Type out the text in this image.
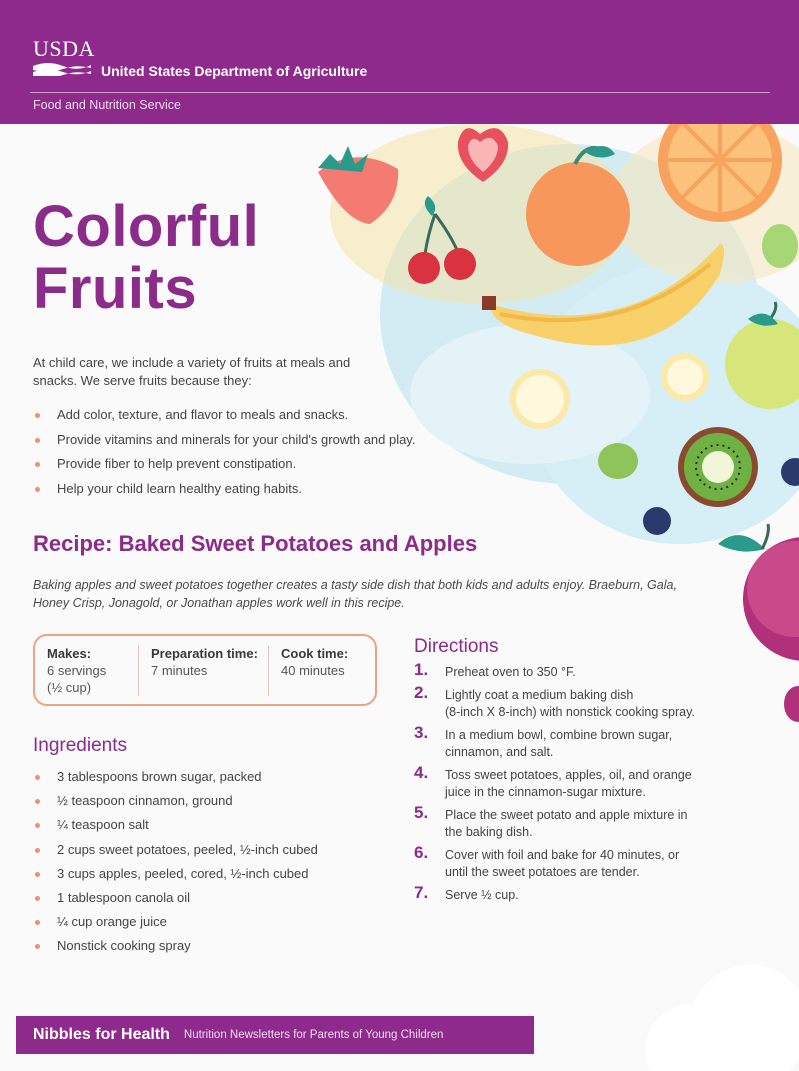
USDA
United States Department of Agriculture
Food and Nutrition Service
Colorful
Fruits

At child care, we include a variety of fruits at meals and snacks. We serve fruits because they:

Add color, texture, and flavor to meals and snacks.
Provide vitamins and minerals for your child's growth and play.
Provide fiber to help prevent constipation.
Help your child learn healthy eating habits.
Recipe: Baked Sweet Potatoes and Apples

Baking apples and sweet potatoes together creates a tasty side dish that both kids and adults enjoy. Braeburn, Gala, Honey Crisp, Jonagold, or Jonathan apples work well in this recipe.

Makes:
6 servings
(½ cup)
Preparation time:
7 minutes
Cook time:
40 minutes
Ingredients
3 tablespoons brown sugar, packed
½ teaspoon cinnamon, ground
¼ teaspoon salt
2 cups sweet potatoes, peeled, ½-inch cubed
3 cups apples, peeled, cored, ½-inch cubed
1 tablespoon canola oil
¼ cup orange juice
Nonstick cooking spray
Directions
1. Preheat oven to 350 °F.
2. Lightly coat a medium baking dish
(8-inch X 8-inch) with nonstick cooking spray.
3. In a medium bowl, combine brown sugar,
cinnamon, and salt.
4. Toss sweet potatoes, apples, oil, and orange
juice in the cinnamon-sugar mixture.
5. Place the sweet potato and apple mixture in
the baking dish.
6. Cover with foil and bake for 40 minutes, or
until the sweet potatoes are tender.
7. Serve ½ cup.
Nibbles for Health Nutrition Newsletters for Parents of Young Children
